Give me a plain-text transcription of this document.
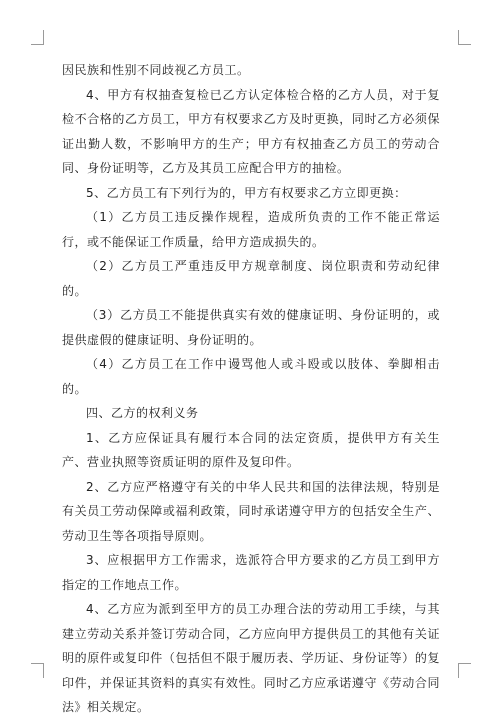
因民族和性别不同歧视乙方员工。

4、甲方有权抽查复检已乙方认定体检合格的乙方人员，对于复检不合格的乙方员工，甲方有权要求乙方及时更换，同时乙方必须保证出勤人数，不影响甲方的生产；甲方有权抽查乙方员工的劳动合同、身份证明等，乙方及其员工应配合甲方的抽检。

5、乙方员工有下列行为的，甲方有权要求乙方立即更换：

（1）乙方员工违反操作规程，造成所负责的工作不能正常运行，或不能保证工作质量，给甲方造成损失的。

（2）乙方员工严重违反甲方规章制度、岗位职责和劳动纪律的。

（3）乙方员工不能提供真实有效的健康证明、身份证明的，或提供虚假的健康证明、身份证明的。

（4）乙方员工在工作中谩骂他人或斗殴或以肢体、拳脚相击的。

四、乙方的权利义务

1、乙方应保证具有履行本合同的法定资质，提供甲方有关生产、营业执照等资质证明的原件及复印件。

2、乙方应严格遵守有关的中华人民共和国的法律法规，特别是有关员工劳动保障或福利政策，同时承诺遵守甲方的包括安全生产、劳动卫生等各项指导原则。

3、应根据甲方工作需求，选派符合甲方要求的乙方员工到甲方指定的工作地点工作。

4、乙方应为派到至甲方的员工办理合法的劳动用工手续，与其建立劳动关系并签订劳动合同，乙方应向甲方提供员工的其他有关证明的原件或复印件（包括但不限于履历表、学历证、身份证等）的复印件，并保证其资料的真实有效性。同时乙方应承诺遵守《劳动合同法》相关规定。
